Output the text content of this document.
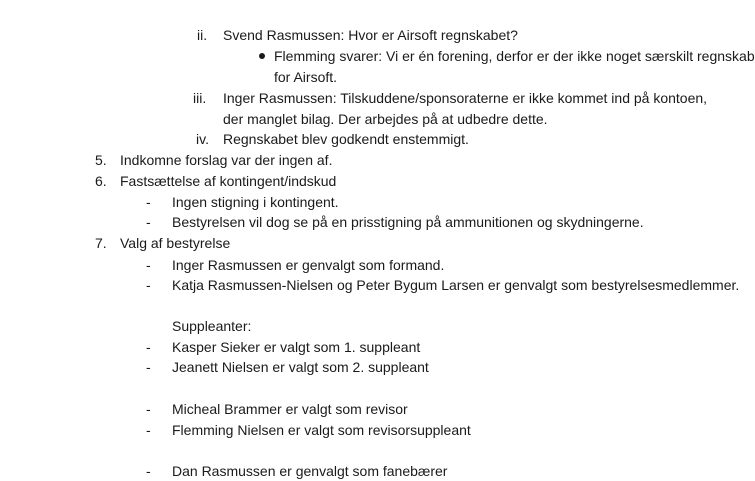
ii. Svend Rasmussen: Hvor er Airsoft regnskabet?
Flemming svarer: Vi er én forening, derfor er der ikke noget særskilt regnskab
for Airsoft.
iii. Inger Rasmussen: Tilskuddene/sponsoraterne er ikke kommet ind på kontoen,
der manglet bilag. Der arbejdes på at udbedre dette.
iv. Regnskabet blev godkendt enstemmigt.
5. Indkomne forslag var der ingen af.
6. Fastsættelse af kontingent/indskud
- Ingen stigning i kontingent.
- Bestyrelsen vil dog se på en prisstigning på ammunitionen og skydningerne.
7. Valg af bestyrelse
- Inger Rasmussen er genvalgt som formand.
- Katja Rasmussen-Nielsen og Peter Bygum Larsen er genvalgt som bestyrelsesmedlemmer.
Suppleanter:
- Kasper Sieker er valgt som 1. suppleant
- Jeanett Nielsen er valgt som 2. suppleant
- Micheal Brammer er valgt som revisor
- Flemming Nielsen er valgt som revisorsuppleant
- Dan Rasmussen er genvalgt som fanebærer
